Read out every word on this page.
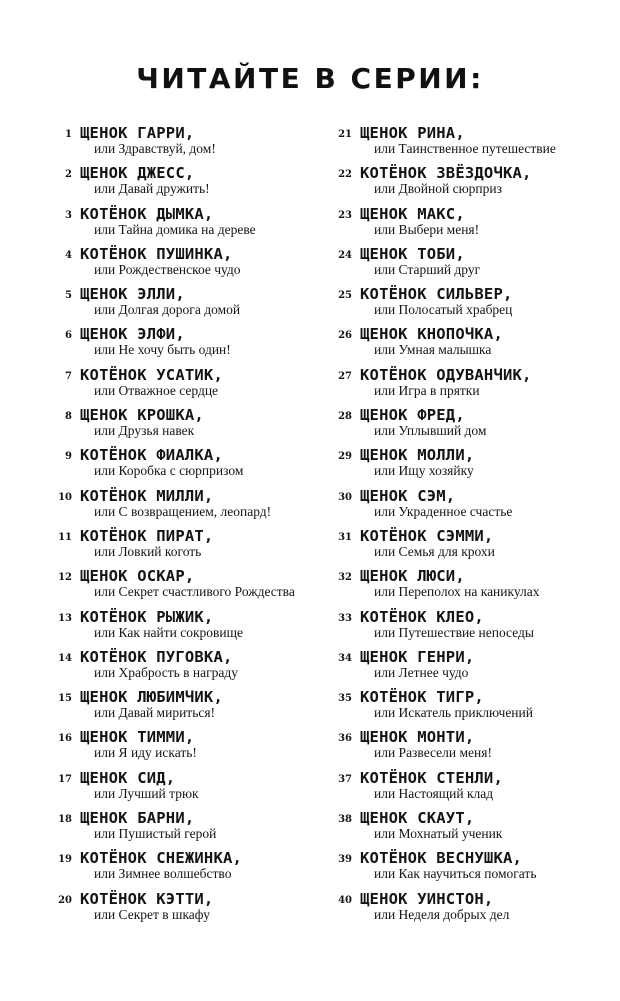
ЧИТАЙТЕ В СЕРИИ:
1 ЩЕНОК ГАРРИ,
или Здравствуй, дом!
2 ЩЕНОК ДЖЕСС,
или Давай дружить!
3 КОТЁНОК ДЫМКА,
или Тайна домика на дереве
4 КОТЁНОК ПУШИНКА,
или Рождественское чудо
5 ЩЕНОК ЭЛЛИ,
или Долгая дорога домой
6 ЩЕНОК ЭЛФИ,
или Не хочу быть один!
7 КОТЁНОК УСАТИК,
или Отважное сердце
8 ЩЕНОК КРОШКА,
или Друзья навек
9 КОТЁНОК ФИАЛКА,
или Коробка с сюрпризом
10 КОТЁНОК МИЛЛИ,
или С возвращением, леопард!
11 КОТЁНОК ПИРАТ,
или Ловкий коготь
12 ЩЕНОК ОСКАР,
или Секрет счастливого Рождества
13 КОТЁНОК РЫЖИК,
или Как найти сокровище
14 КОТЁНОК ПУГОВКА,
или Храбрость в награду
15 ЩЕНОК ЛЮБИМЧИК,
или Давай мириться!
16 ЩЕНОК ТИММИ,
или Я иду искать!
17 ЩЕНОК СИД,
или Лучший трюк
18 ЩЕНОК БАРНИ,
или Пушистый герой
19 КОТЁНОК СНЕЖИНКА,
или Зимнее волшебство
20 КОТЁНОК КЭТТИ,
или Секрет в шкафу
21 ЩЕНОК РИНА,
или Таинственное путешествие
22 КОТЁНОК ЗВЁЗДОЧКА,
или Двойной сюрприз
23 ЩЕНОК МАКС,
или Выбери меня!
24 ЩЕНОК ТОБИ,
или Старший друг
25 КОТЁНОК СИЛЬВЕР,
или Полосатый храбрец
26 ЩЕНОК КНОПОЧКА,
или Умная малышка
27 КОТЁНОК ОДУВАНЧИК,
или Игра в прятки
28 ЩЕНОК ФРЕД,
или Уплывший дом
29 ЩЕНОК МОЛЛИ,
или Ищу хозяйку
30 ЩЕНОК СЭМ,
или Украденное счастье
31 КОТЁНОК СЭММИ,
или Семья для крохи
32 ЩЕНОК ЛЮСИ,
или Переполох на каникулах
33 КОТЁНОК КЛЕО,
или Путешествие непоседы
34 ЩЕНОК ГЕНРИ,
или Летнее чудо
35 КОТЁНОК ТИГР,
или Искатель приключений
36 ЩЕНОК МОНТИ,
или Развесели меня!
37 КОТЁНОК СТЕНЛИ,
или Настоящий клад
38 ЩЕНОК СКАУТ,
или Мохнатый ученик
39 КОТЁНОК ВЕСНУШКА,
или Как научиться помогать
40 ЩЕНОК УИНСТОН,
или Неделя добрых дел
